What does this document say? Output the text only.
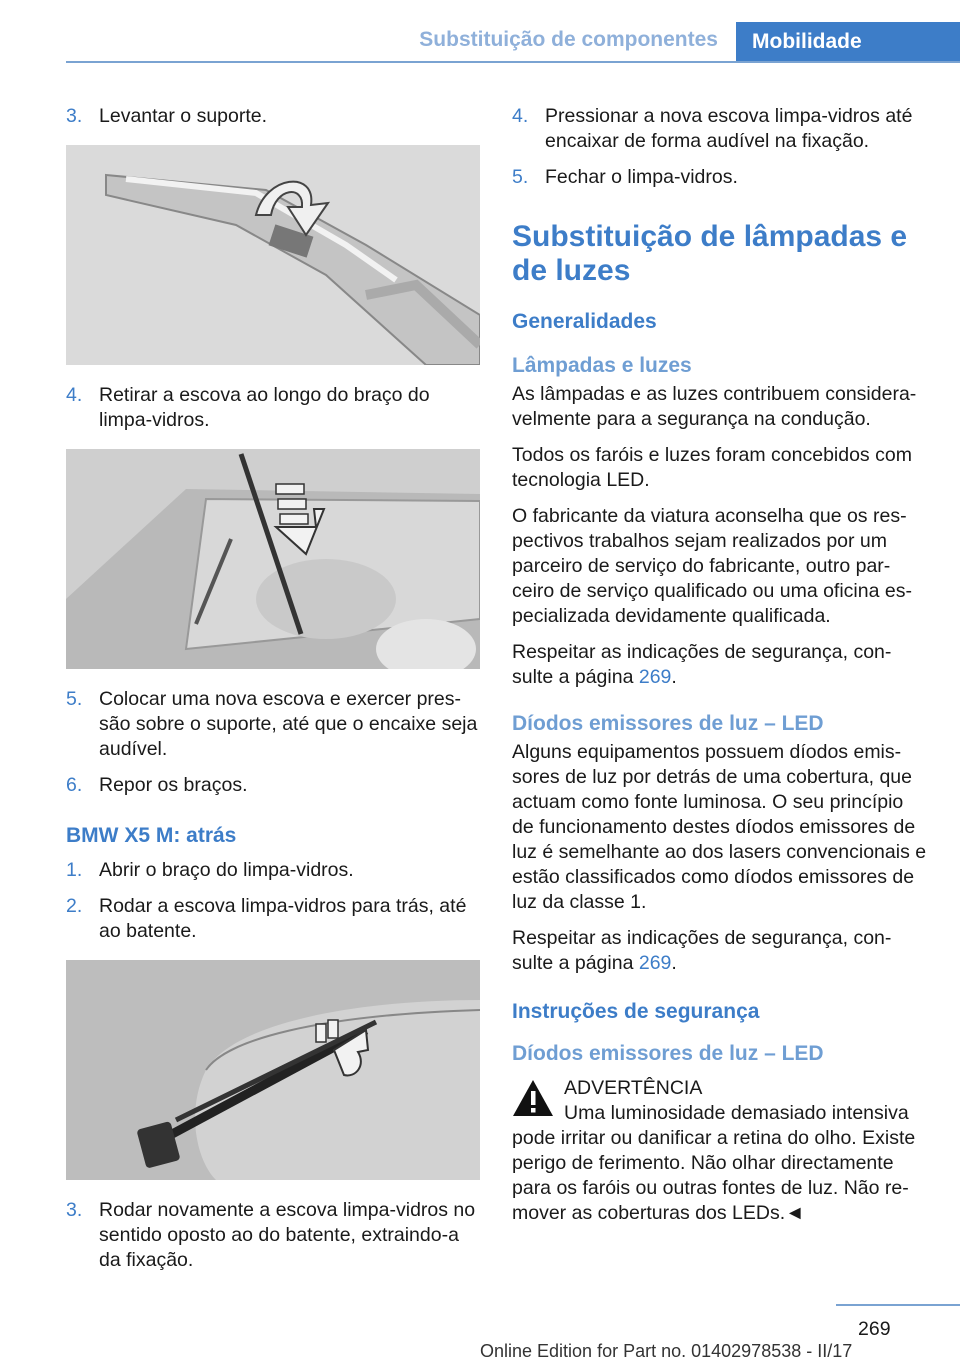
Substituição de componentes	Mobilidade
3. Levantar o suporte.
4. Retirar a escova ao longo do braço do limpa-vidros.
5. Colocar uma nova escova e exercer pres-são sobre o suporte, até que o encaixe seja audível.
6. Repor os braços.
BMW X5 M: atrás
1. Abrir o braço do limpa-vidros.
2. Rodar a escova limpa-vidros para trás, até ao batente.
3. Rodar novamente a escova limpa-vidros no sentido oposto ao do batente, extraindo-a da fixação.
4. Pressionar a nova escova limpa-vidros até encaixar de forma audível na fixação.
5. Fechar o limpa-vidros.
Substituição de lâmpadas e de luzes
Generalidades
Lâmpadas e luzes
As lâmpadas e as luzes contribuem considera-velmente para a segurança na condução.
Todos os faróis e luzes foram concebidos com tecnologia LED.
O fabricante da viatura aconselha que os res-pectivos trabalhos sejam realizados por um parceiro de serviço do fabricante, outro par-ceiro de serviço qualificado ou uma oficina es-pecializada devidamente qualificada.
Respeitar as indicações de segurança, con-sulte a página 269.
Díodos emissores de luz – LED
Alguns equipamentos possuem díodos emis-sores de luz por detrás de uma cobertura, que actuam como fonte luminosa. O seu princípio de funcionamento destes díodos emissores de luz é semelhante ao dos lasers convencionais e estão classificados como díodos emissores de luz da classe 1.
Respeitar as indicações de segurança, con-sulte a página 269.
Instruções de segurança
Díodos emissores de luz – LED
ADVERTÊNCIA
Uma luminosidade demasiado intensiva
pode irritar ou danificar a retina do olho. Existe perigo de ferimento. Não olhar directamente para os faróis ou outras fontes de luz. Não re-mover as coberturas dos LEDs.◄
269
Online Edition for Part no. 01402978538 - II/17
